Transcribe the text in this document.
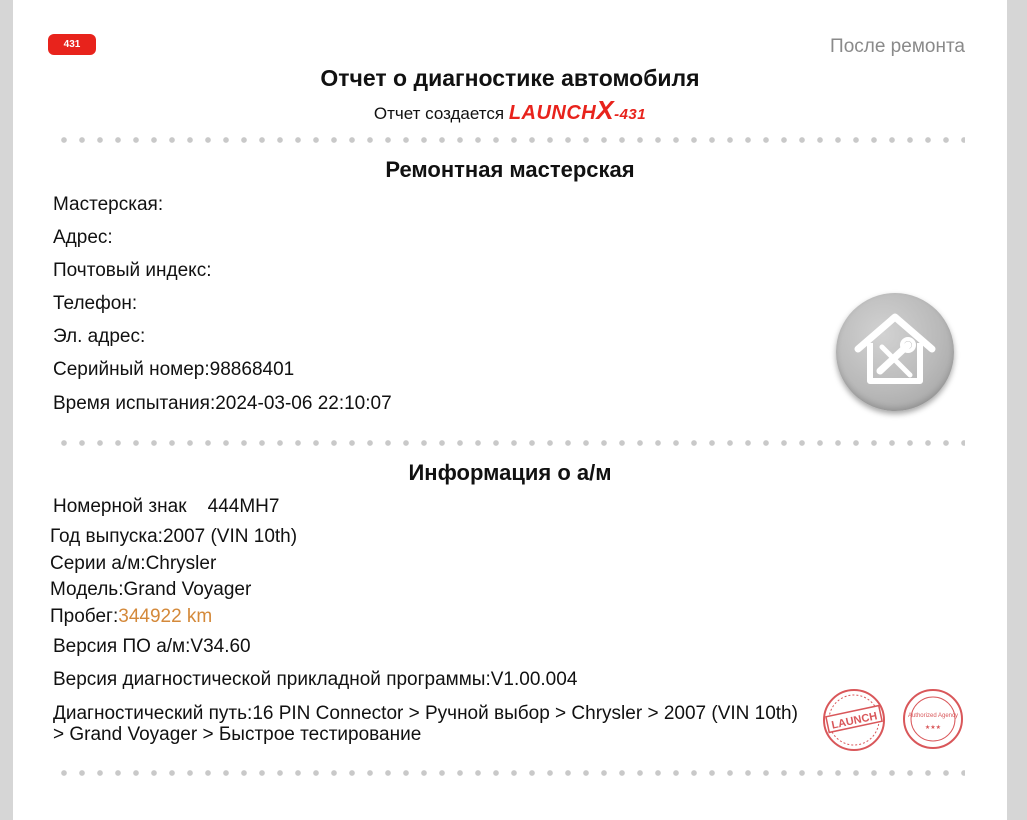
431	После ремонта
Отчет о диагностике автомобиля
Отчет создается LAUNCHX-431
Ремонтная мастерская
Мастерская:
Адрес:
Почтовый индекс:
Телефон:
Эл. адрес:
Серийный номер:98868401
Время испытания:2024-03-06 22:10:07
Информация о а/м
Номерной знак 444MH7
Год выпуска:2007 (VIN 10th)
Серии а/м:Chrysler
Модель:Grand Voyager
Пробег:344922 km
Версия ПО а/м:V34.60
Версия диагностической прикладной программы:V1.00.004
Диагностический путь:16 PIN Connector > Ручной выбор > Chrysler > 2007 (VIN 10th) > Grand Voyager > Быстрое тестирование
LAUNCH	Authorized Agency
★★★
